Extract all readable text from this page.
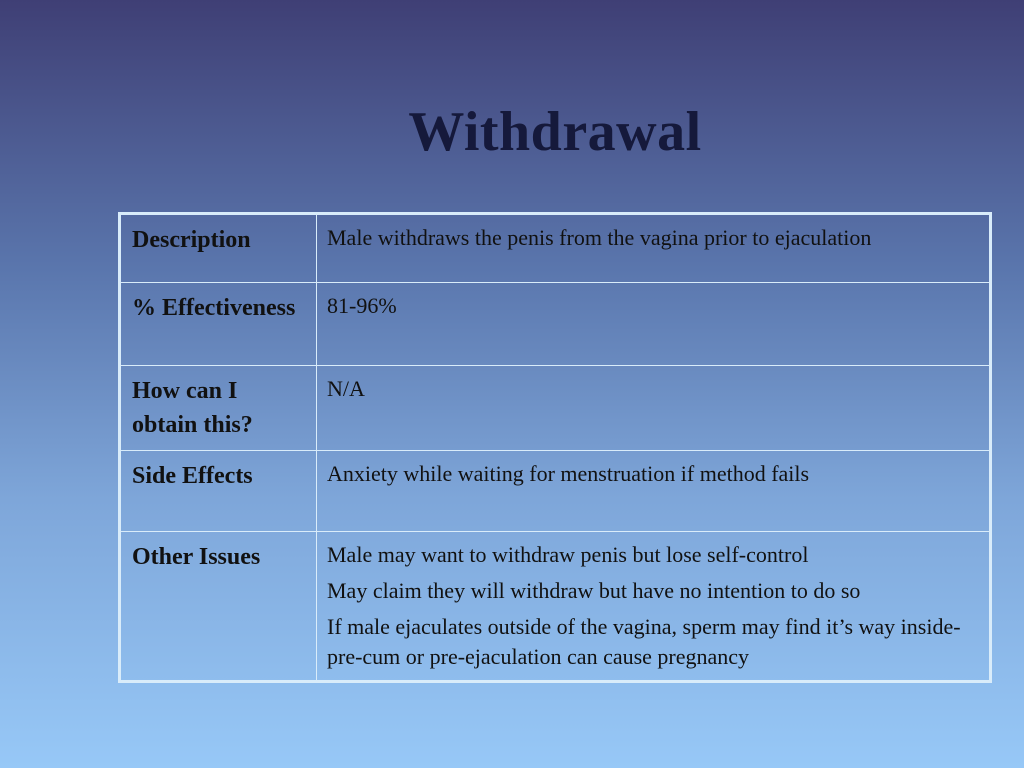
Withdrawal
Description	Male withdraws the penis from the vagina prior to ejaculation

% Effectiveness	81-96%

How can I obtain this?	N/A

Side Effects	Anxiety while waiting for menstruation if method fails

Other Issues	Male may want to withdraw penis but lose self-control

May claim they will withdraw but have no intention to do so

If male ejaculates outside of the vagina, sperm may find it’s way inside-pre-cum or pre-ejaculation can cause pregnancy
